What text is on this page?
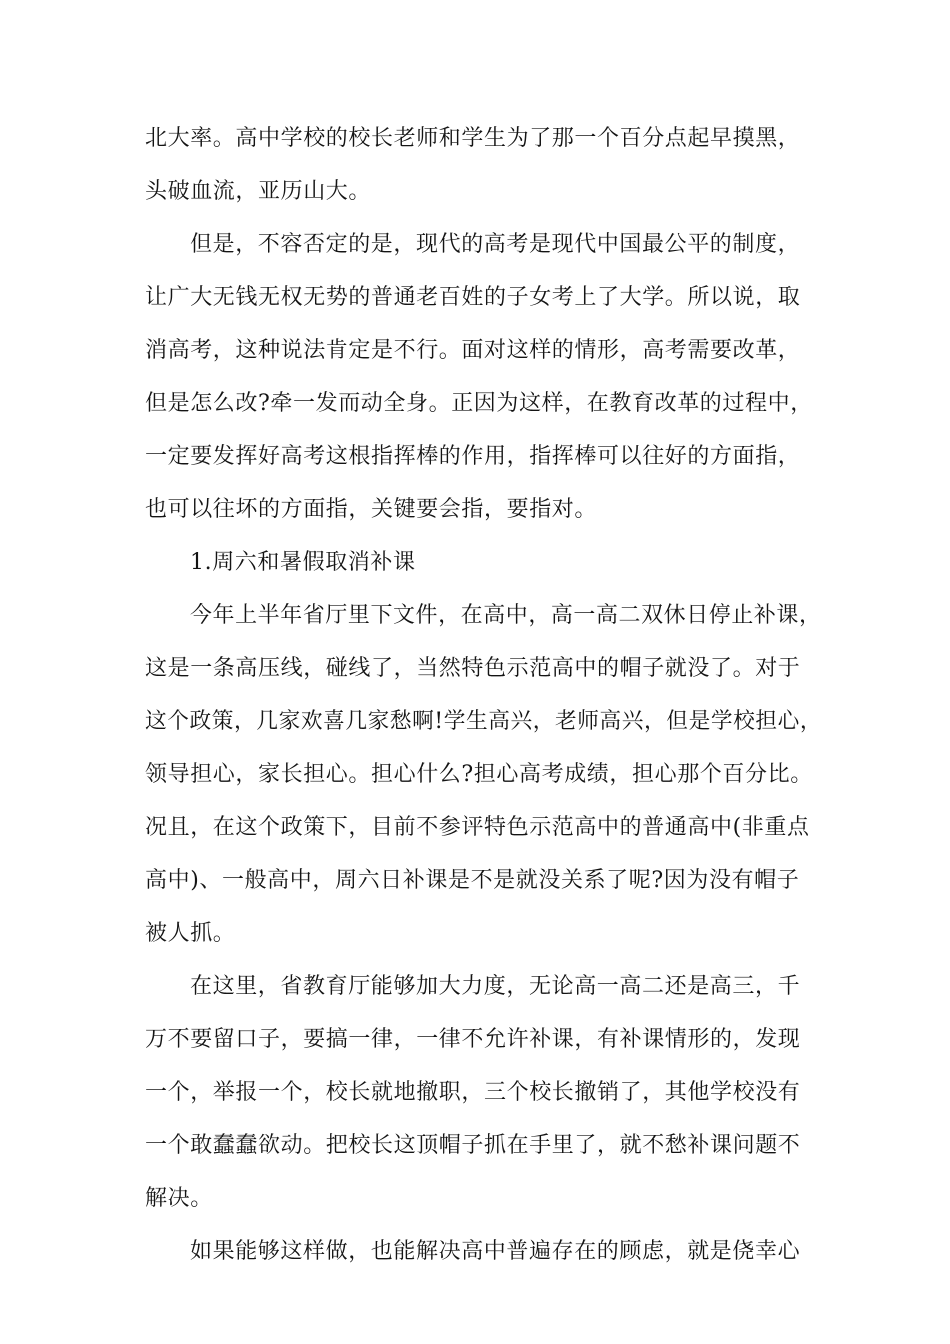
北大率。高中学校的校长老师和学生为了那一个百分点起早摸黑，
头破血流，亚历山大。
但是，不容否定的是，现代的高考是现代中国最公平的制度，
让广大无钱无权无势的普通老百姓的子女考上了大学。所以说，取
消高考，这种说法肯定是不行。面对这样的情形，高考需要改革，
但是怎么改?牵一发而动全身。正因为这样，在教育改革的过程中，
一定要发挥好高考这根指挥棒的作用，指挥棒可以往好的方面指，
也可以往坏的方面指，关键要会指，要指对。
1.周六和暑假取消补课
今年上半年省厅里下文件，在高中，高一高二双休日停止补课，
这是一条高压线，碰线了，当然特色示范高中的帽子就没了。对于
这个政策，几家欢喜几家愁啊!学生高兴，老师高兴，但是学校担心，
领导担心，家长担心。担心什么?担心高考成绩，担心那个百分比。
况且，在这个政策下，目前不参评特色示范高中的普通高中(非重点
高中)、一般高中，周六日补课是不是就没关系了呢?因为没有帽子
被人抓。
在这里，省教育厅能够加大力度，无论高一高二还是高三，千
万不要留口子，要搞一律，一律不允许补课，有补课情形的，发现
一个，举报一个，校长就地撤职，三个校长撤销了，其他学校没有
一个敢蠢蠢欲动。把校长这顶帽子抓在手里了，就不愁补课问题不
解决。
如果能够这样做，也能解决高中普遍存在的顾虑，就是侥幸心
